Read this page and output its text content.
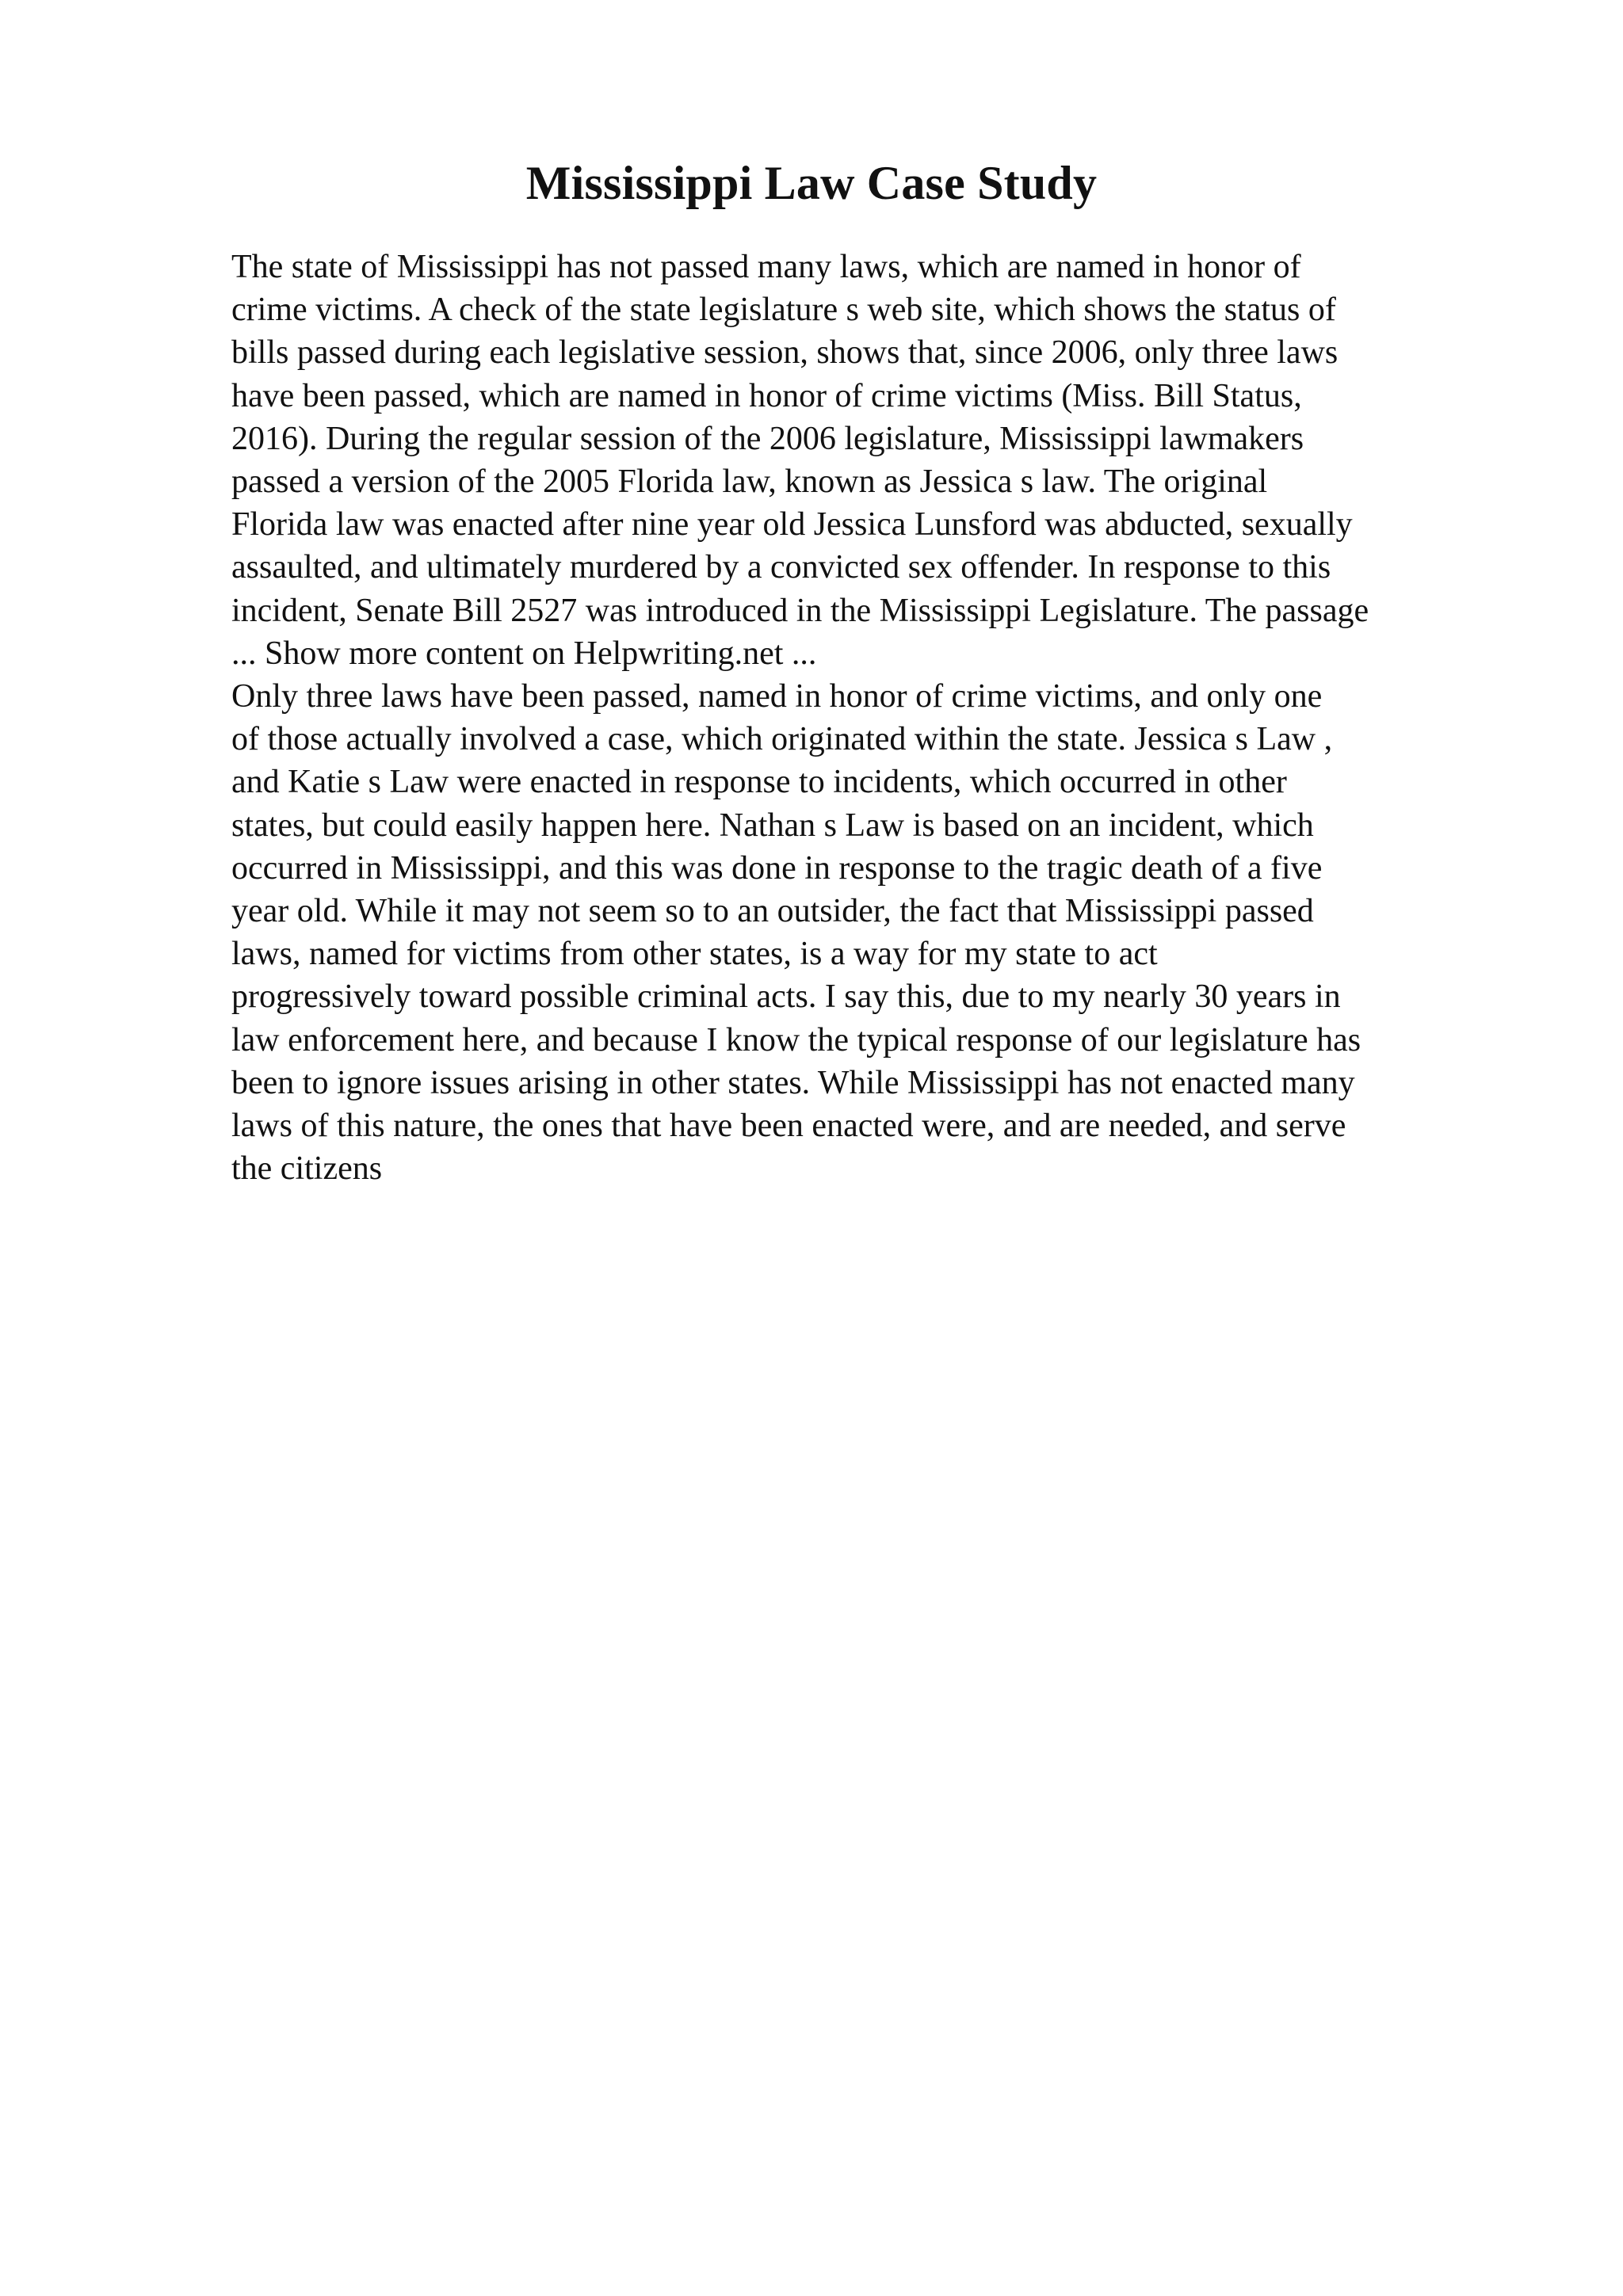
Mississippi Law Case Study
The state of Mississippi has not passed many laws, which are named in honor of
crime victims. A check of the state legislature s web site, which shows the status of
bills passed during each legislative session, shows that, since 2006, only three laws
have been passed, which are named in honor of crime victims (Miss. Bill Status,
2016). During the regular session of the 2006 legislature, Mississippi lawmakers
passed a version of the 2005 Florida law, known as Jessica s law. The original
Florida law was enacted after nine year old Jessica Lunsford was abducted, sexually
assaulted, and ultimately murdered by a convicted sex offender. In response to this
incident, Senate Bill 2527 was introduced in the Mississippi Legislature. The passage
... Show more content on Helpwriting.net ...
Only three laws have been passed, named in honor of crime victims, and only one
of those actually involved a case, which originated within the state. Jessica s Law ,
and Katie s Law were enacted in response to incidents, which occurred in other
states, but could easily happen here. Nathan s Law is based on an incident, which
occurred in Mississippi, and this was done in response to the tragic death of a five
year old. While it may not seem so to an outsider, the fact that Mississippi passed
laws, named for victims from other states, is a way for my state to act
progressively toward possible criminal acts. I say this, due to my nearly 30 years in
law enforcement here, and because I know the typical response of our legislature has
been to ignore issues arising in other states. While Mississippi has not enacted many
laws of this nature, the ones that have been enacted were, and are needed, and serve
the citizens
